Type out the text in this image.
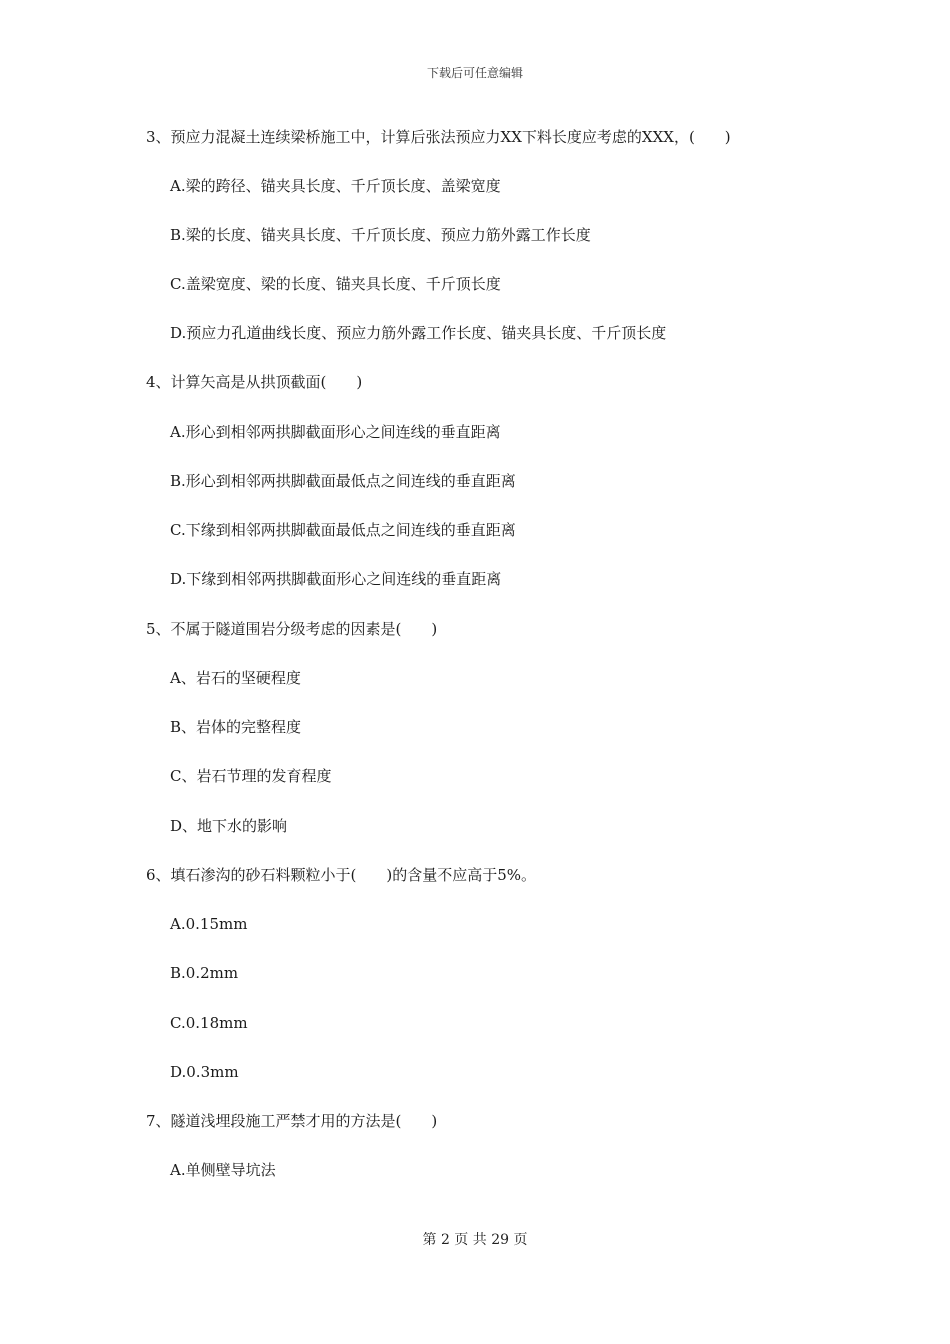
下载后可任意编辑
3、预应力混凝土连续梁桥施工中，计算后张法预应力XX下料长度应考虑的XXX，(　　)
A.梁的跨径、锚夹具长度、千斤顶长度、盖梁宽度
B.梁的长度、锚夹具长度、千斤顶长度、预应力筋外露工作长度
C.盖梁宽度、梁的长度、锚夹具长度、千斤顶长度
D.预应力孔道曲线长度、预应力筋外露工作长度、锚夹具长度、千斤顶长度
4、计算矢高是从拱顶截面(　　)
A.形心到相邻两拱脚截面形心之间连线的垂直距离
B.形心到相邻两拱脚截面最低点之间连线的垂直距离
C.下缘到相邻两拱脚截面最低点之间连线的垂直距离
D.下缘到相邻两拱脚截面形心之间连线的垂直距离
5、不属于隧道围岩分级考虑的因素是(　　)
A、岩石的坚硬程度
B、岩体的完整程度
C、岩石节理的发育程度
D、地下水的影响
6、填石渗沟的砂石料颗粒小于(　　)的含量不应高于5%。
A.0.15mm
B.0.2mm
C.0.18mm
D.0.3mm
7、隧道浅埋段施工严禁才用的方法是(　　)
A.单侧壁导坑法
第 2 页 共 29 页
